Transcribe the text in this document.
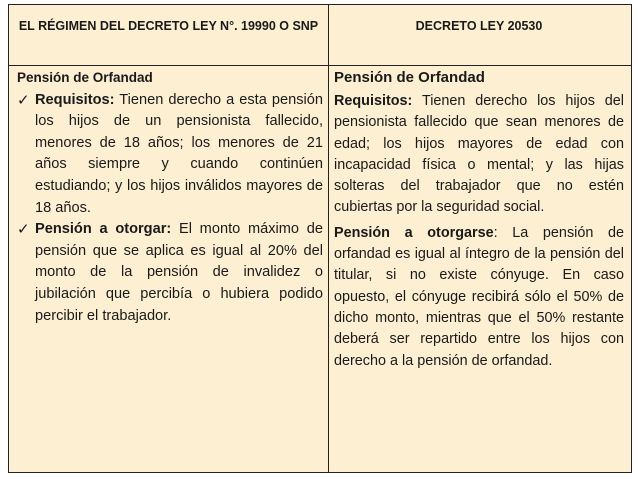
EL RÉGIMEN DEL DECRETO LEY N°. 19990 O SNP	DECRETO LEY 20530

Pensión de Orfandad

✓ Requisitos: Tienen derecho a esta pensión los hijos de un pensionista fallecido, menores de 18 años; los menores de 21 años siempre y cuando continúen estudiando; y los hijos inválidos mayores de 18 años.

✓ Pensión a otorgar: El monto máximo de pensión que se aplica es igual al 20% del monto de la pensión de invalidez o jubilación que percibía o hubiera podido percibir el trabajador.

Pensión de Orfandad

Requisitos: Tienen derecho los hijos del pensionista fallecido que sean menores de edad; los hijos mayores de edad con incapacidad física o mental; y las hijas solteras del trabajador que no estén cubiertas por la seguridad social.

Pensión a otorgarse: La pensión de orfandad es igual al íntegro de la pensión del titular, si no existe cónyuge. En caso opuesto, el cónyuge recibirá sólo el 50% de dicho monto, mientras que el 50% restante deberá ser repartido entre los hijos con derecho a la pensión de orfandad.
